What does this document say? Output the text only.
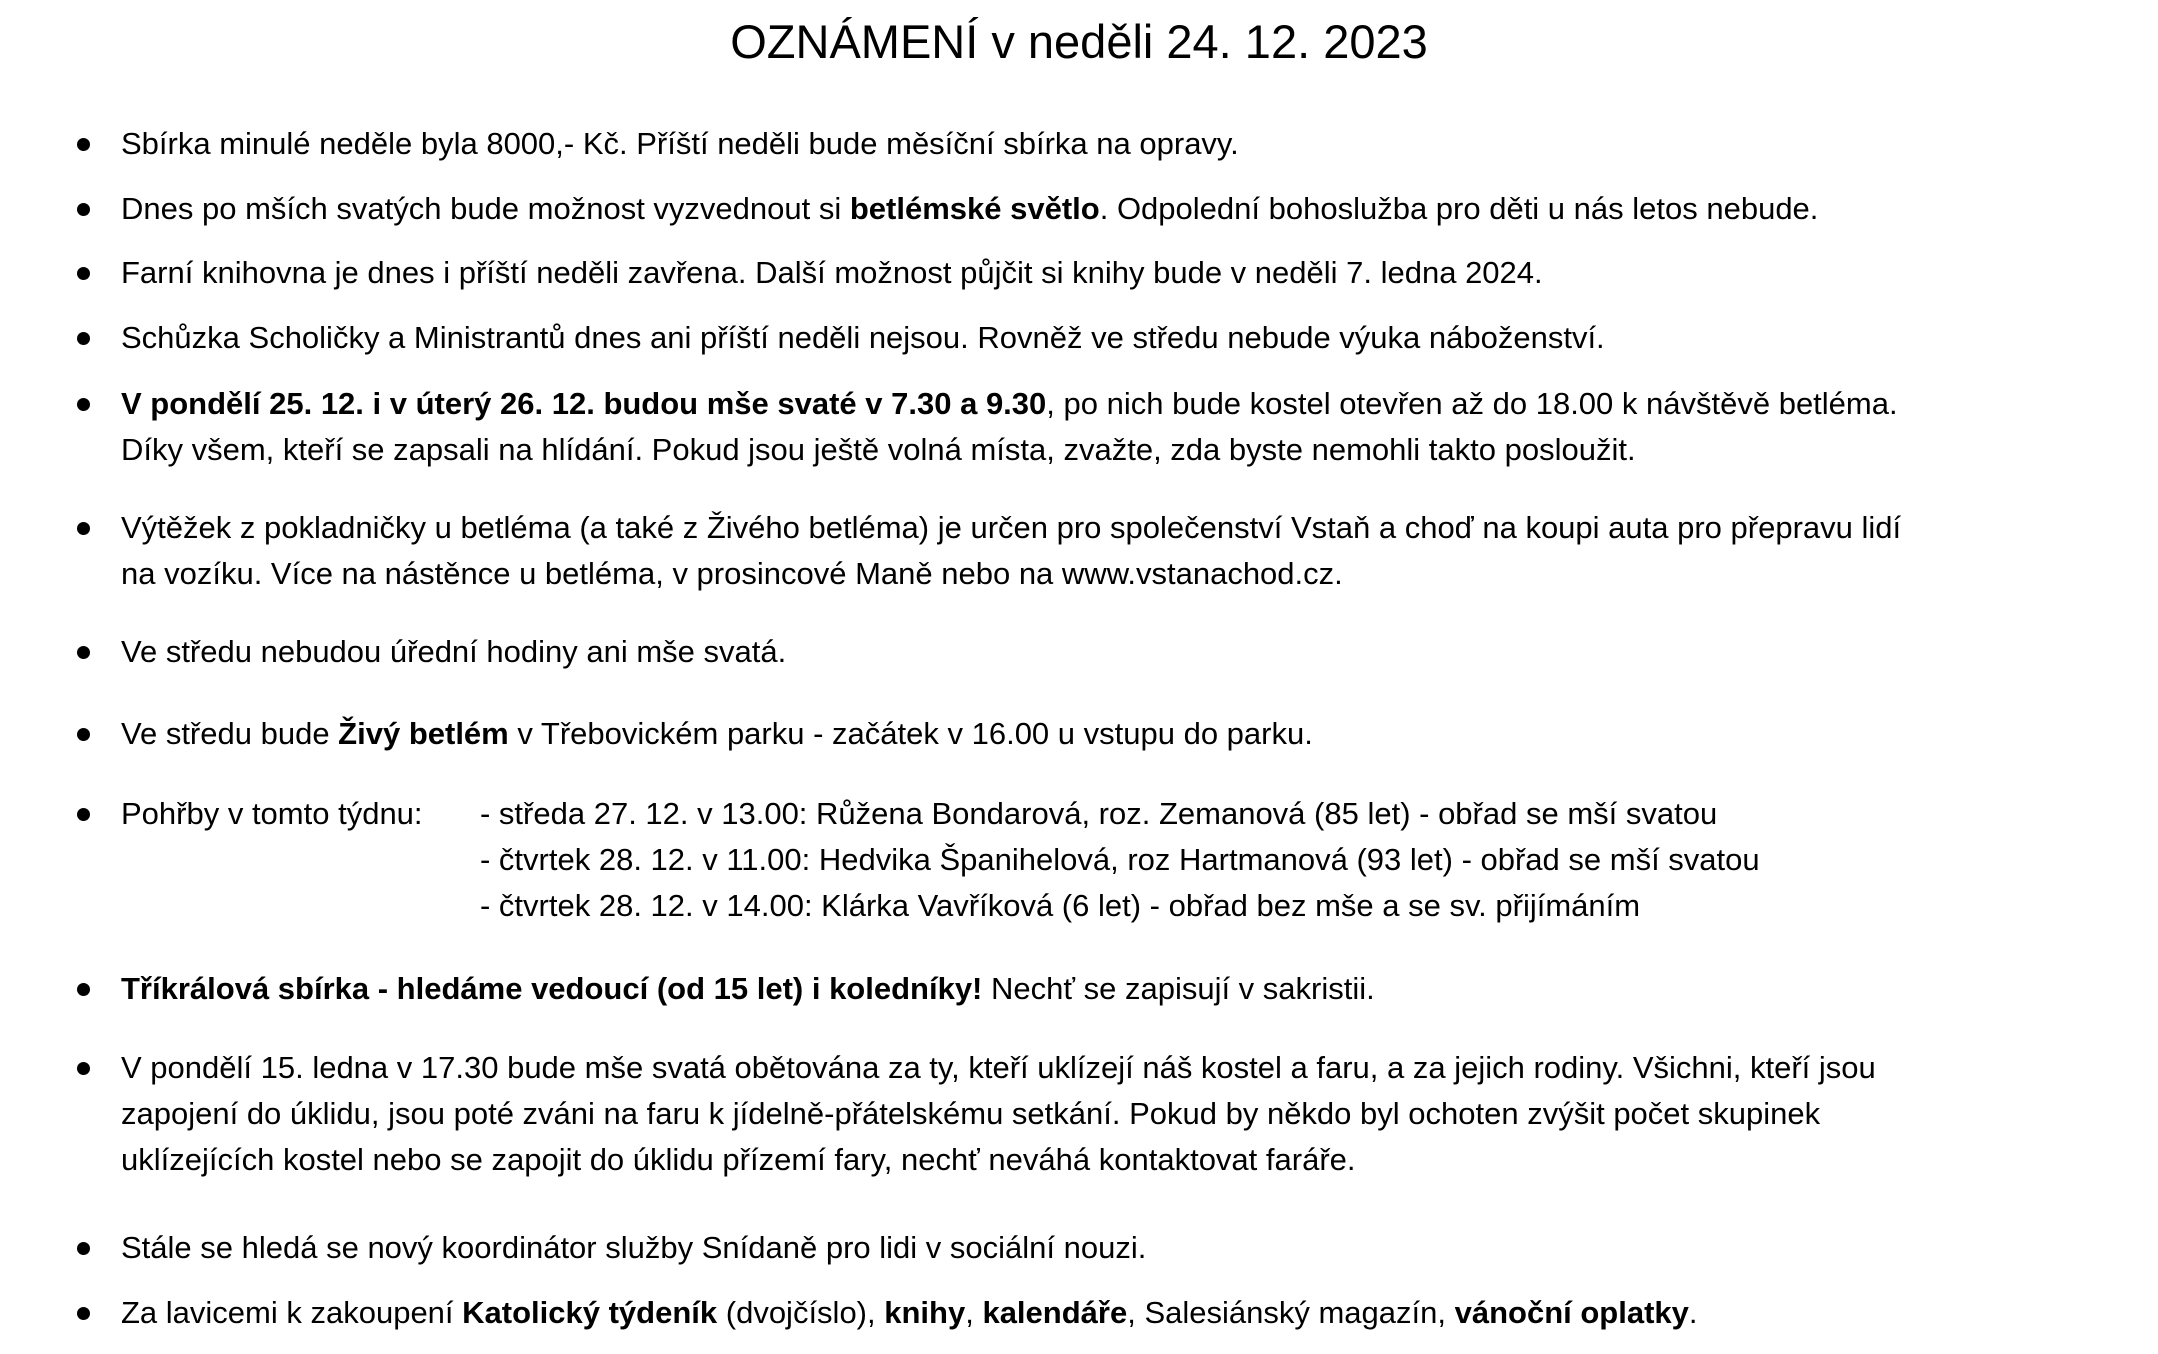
OZNÁMENÍ v neděli 24. 12. 2023
Sbírka minulé neděle byla 8000,- Kč. Příští neděli bude měsíční sbírka na opravy.
Dnes po mších svatých bude možnost vyzvednout si betlémské světlo. Odpolední bohoslužba pro děti u nás letos nebude.
Farní knihovna je dnes i příští neděli zavřena. Další možnost půjčit si knihy bude v neděli 7. ledna 2024.
Schůzka Scholičky a Ministrantů dnes ani příští neděli nejsou. Rovněž ve středu nebude výuka náboženství.
V pondělí 25. 12. i v úterý 26. 12. budou mše svaté v 7.30 a 9.30, po nich bude kostel otevřen až do 18.00 k návštěvě betléma.
Díky všem, kteří se zapsali na hlídání. Pokud jsou ještě volná místa, zvažte, zda byste nemohli takto posloužit.
Výtěžek z pokladničky u betléma (a také z Živého betléma) je určen pro společenství Vstaň a choď na koupi auta pro přepravu lidí
na vozíku. Více na nástěnce u betléma, v prosincové Maně nebo na www.vstanachod.cz.
Ve středu nebudou úřední hodiny ani mše svatá.
Ve středu bude Živý betlém v Třebovickém parku - začátek v 16.00 u vstupu do parku.
Pohřby v tomto týdnu: - středa 27. 12. v 13.00: Růžena Bondarová, roz. Zemanová (85 let) - obřad se mší svatou
- čtvrtek 28. 12. v 11.00: Hedvika Španihelová, roz Hartmanová (93 let) - obřad se mší svatou
- čtvrtek 28. 12. v 14.00: Klárka Vavříková (6 let) - obřad bez mše a se sv. přijímáním
Tříkrálová sbírka - hledáme vedoucí (od 15 let) i koledníky! Nechť se zapisují v sakristii.
V pondělí 15. ledna v 17.30 bude mše svatá obětována za ty, kteří uklízejí náš kostel a faru, a za jejich rodiny. Všichni, kteří jsou
zapojení do úklidu, jsou poté zváni na faru k jídelně-přátelskému setkání. Pokud by někdo byl ochoten zvýšit počet skupinek
uklízejících kostel nebo se zapojit do úklidu přízemí fary, nechť neváhá kontaktovat faráře.
Stále se hledá se nový koordinátor služby Snídaně pro lidi v sociální nouzi.
Za lavicemi k zakoupení Katolický týdeník (dvojčíslo), knihy, kalendáře, Salesiánský magazín, vánoční oplatky.
